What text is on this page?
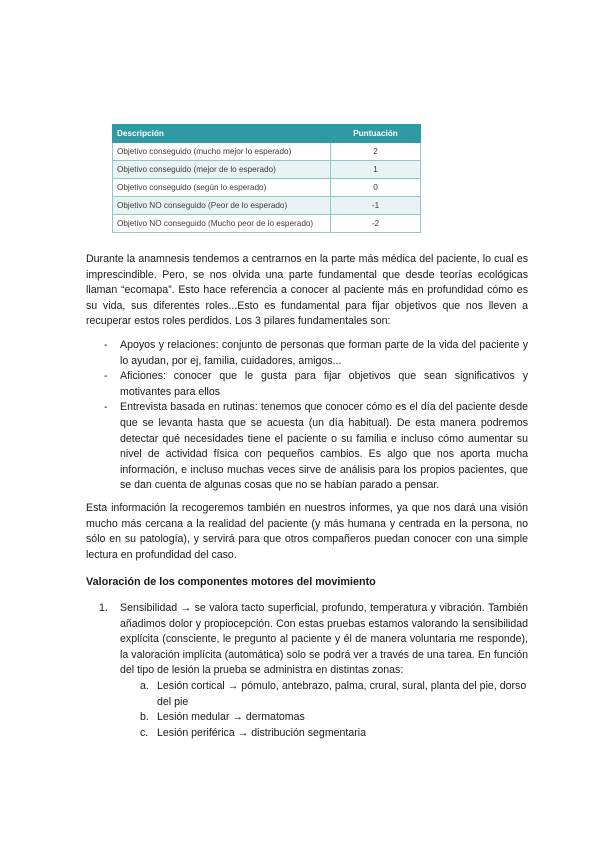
Descripción	Puntuación
Objetivo conseguido (mucho mejor lo esperado)	2
Objetivo conseguido (mejor de lo esperado)	1
Objetivo conseguido (según lo esperado)	0
Objetivo NO conseguido (Peor de lo esperado)	-1
Objetivo NO conseguido (Mucho peor de lo esperado)	-2

Durante la anamnesis tendemos a centrarnos en la parte más médica del paciente, lo cual es imprescindible. Pero, se nos olvida una parte fundamental que desde teorías ecológicas llaman “ecomapa”. Esto hace referencia a conocer al paciente más en profundidad cómo es su vida, sus diferentes roles...Esto es fundamental para fijar objetivos que nos lleven a recuperar estos roles perdidos. Los 3 pilares fundamentales son:

- Apoyos y relaciones: conjunto de personas que forman parte de la vida del paciente y lo ayudan, por ej, familia, cuidadores, amigos...
- Aficiones: conocer que le gusta para fijar objetivos que sean significativos y motivantes para ellos
- Entrevista basada en rutinas: tenemos que conocer cómo es el día del paciente desde que se levanta hasta que se acuesta (un día habitual). De esta manera podremos detectar qué necesidades tiene el paciente o su familia e incluso cómo aumentar su nivel de actividad física con pequeños cambios. Es algo que nos aporta mucha información, e incluso muchas veces sirve de análisis para los propios pacientes, que se dan cuenta de algunas cosas que no se habían parado a pensar.

Esta información la recogeremos también en nuestros informes, ya que nos dará una visión mucho más cercana a la realidad del paciente (y más humana y centrada en la persona, no sólo en su patología), y servirá para que otros compañeros puedan conocer con una simple lectura en profundidad del caso.

Valoración de los componentes motores del movimiento
1. Sensibilidad → se valora tacto superficial, profundo, temperatura y vibración. También añadimos dolor y propiocepción. Con estas pruebas estamos valorando la sensibilidad explícita (consciente, le pregunto al paciente y él de manera voluntaria me responde), la valoración implícita (automática) solo se podrá ver a través de una tarea. En función del tipo de lesión la prueba se administra en distintas zonas:
a. Lesión cortical → pómulo, antebrazo, palma, crural, sural, planta del pie, dorso del pie
b. Lesión medular → dermatomas
c. Lesión periférica → distribución segmentaria
